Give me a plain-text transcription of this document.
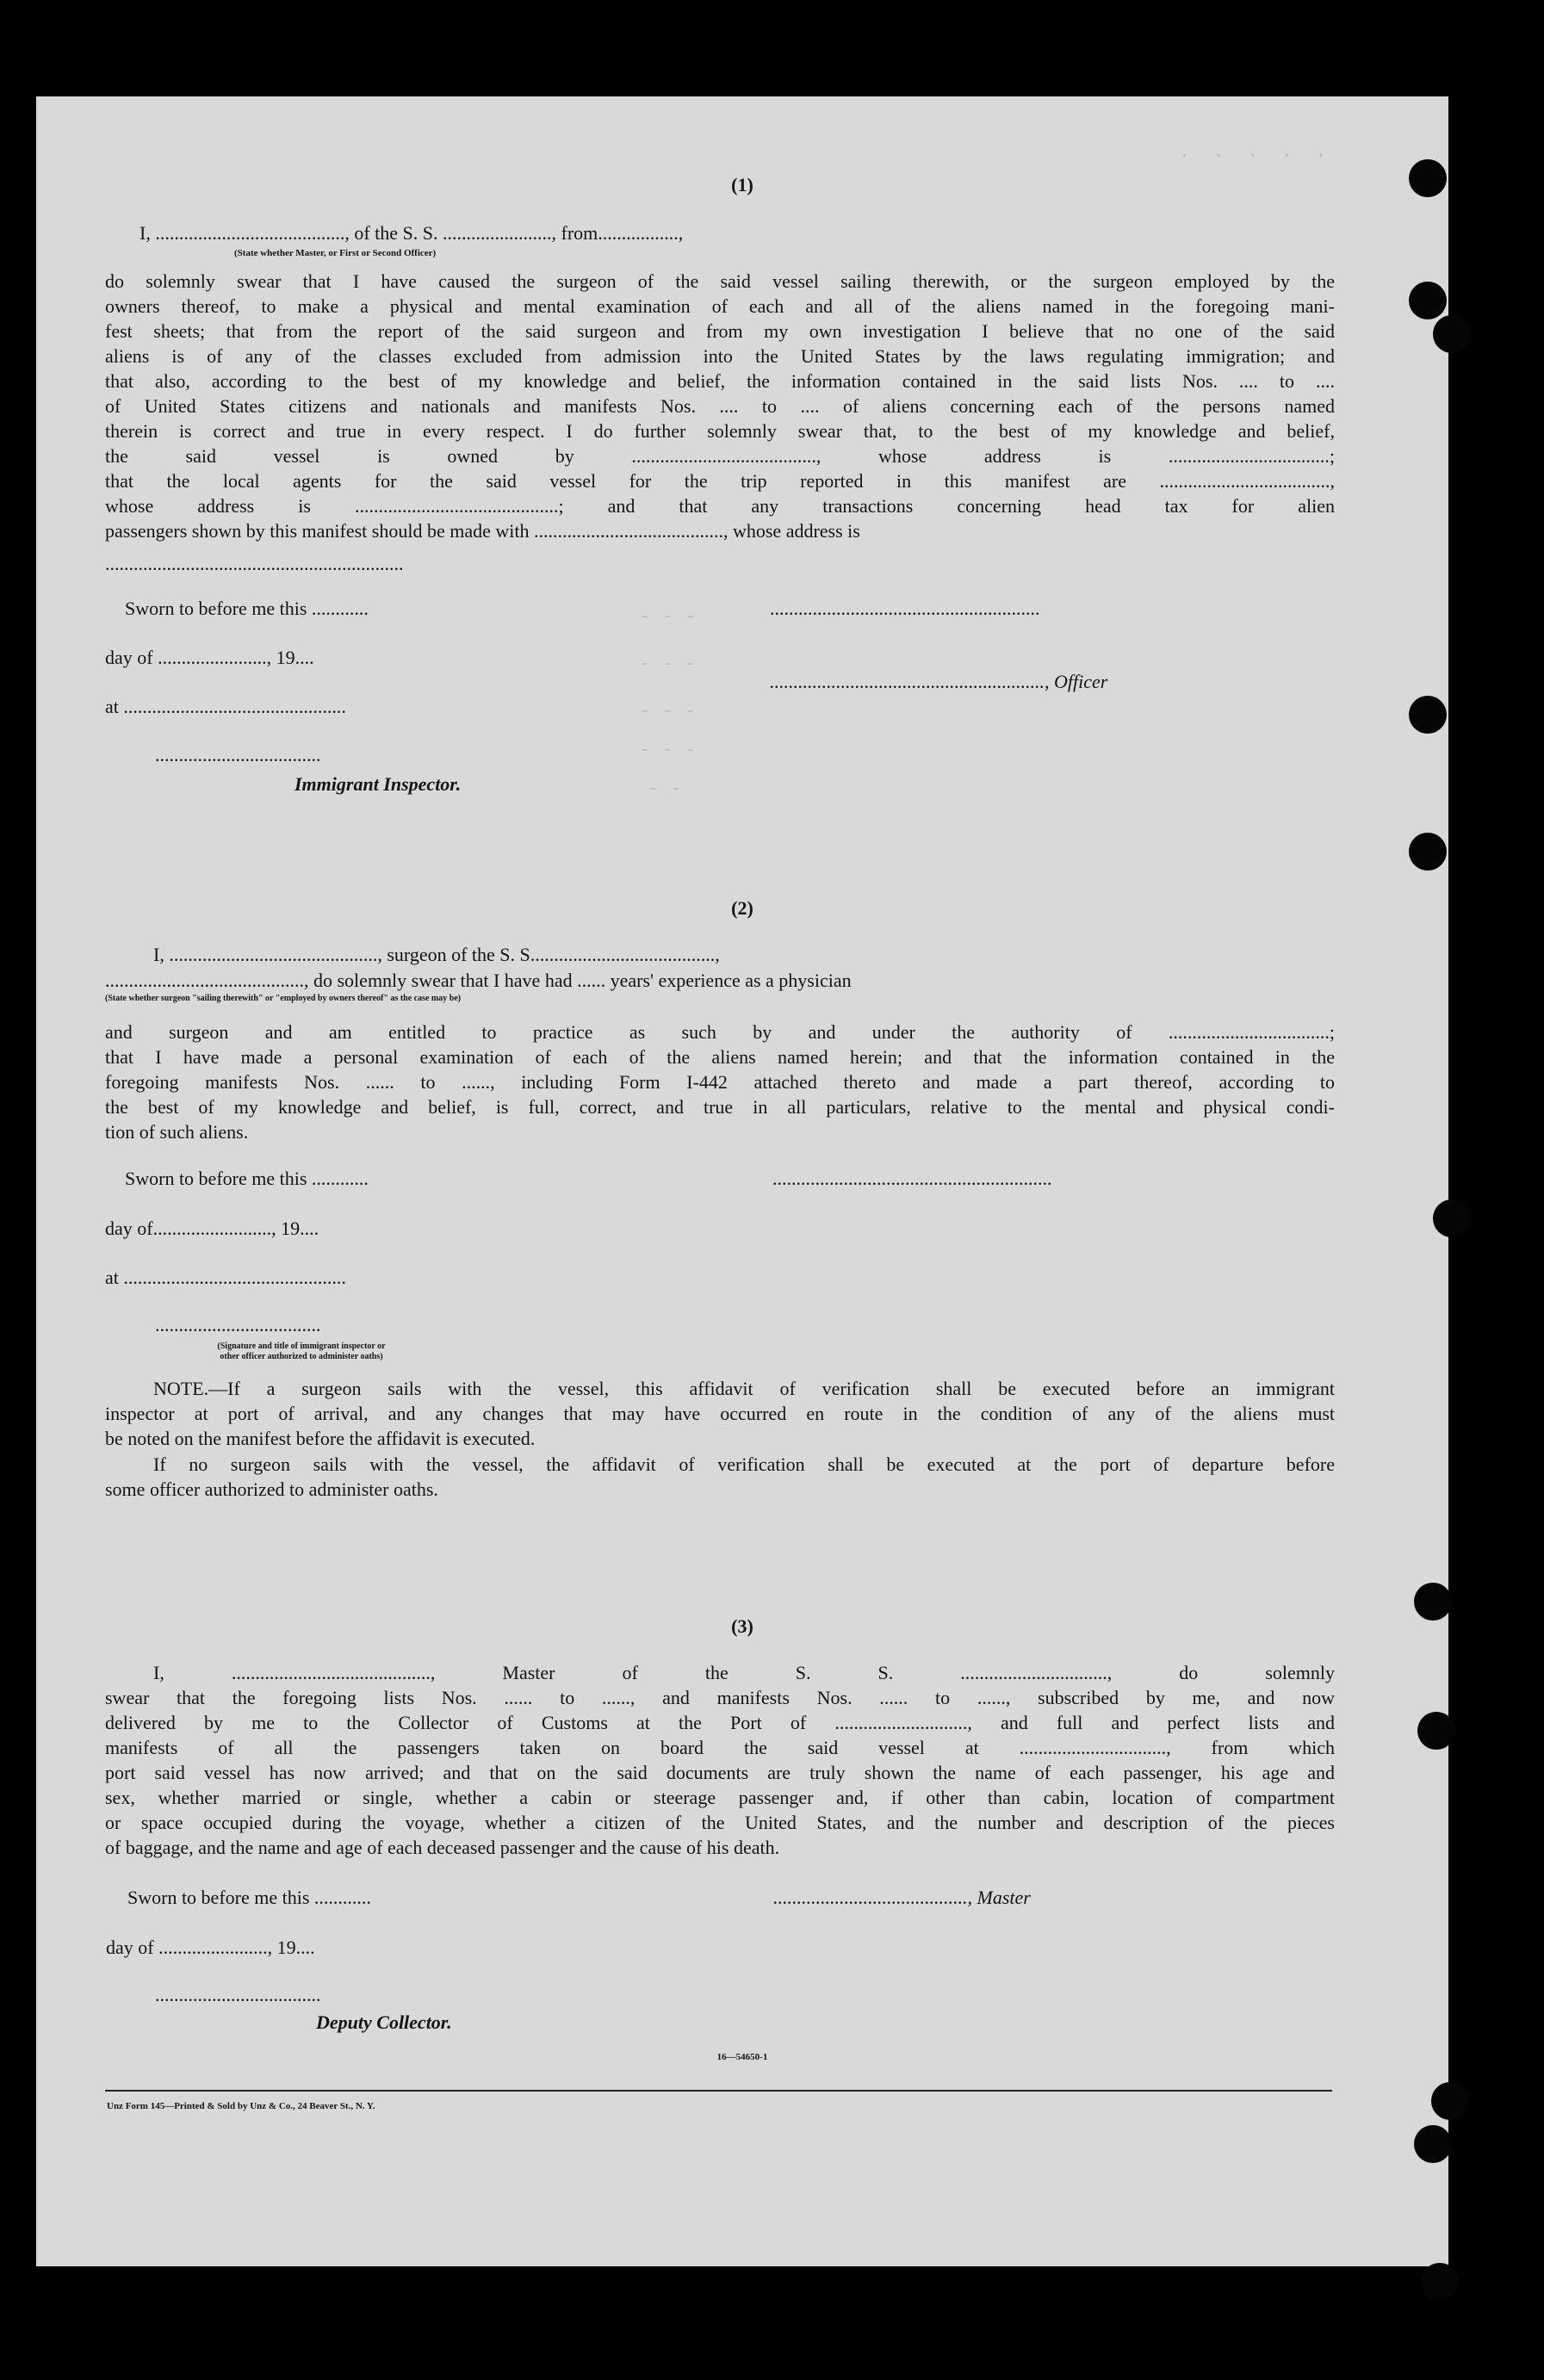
.  .  .  .  .
(1)
I, ........................................, of the S. S. ......................., from.................,
(State whether Master, or First or Second Officer)
do solemnly swear that I have caused the surgeon of the said vessel sailing therewith, or the surgeon employed by the
owners thereof, to make a physical and mental examination of each and all of the aliens named in the foregoing mani-
fest sheets; that from the report of the said surgeon and from my own investigation I believe that no one of the said
aliens is of any of the classes excluded from admission into the United States by the laws regulating immigration; and
that also, according to the best of my knowledge and belief, the information contained in the said lists Nos. .... to ....
of United States citizens and nationals and manifests Nos. .... to .... of aliens concerning each of the persons named
therein is correct and true in every respect. I do further solemnly swear that, to the best of my knowledge and belief,
the said vessel is owned by ......................................., whose address is ..................................;
that the local agents for the said vessel for the trip reported in this manifest are ....................................,
whose address is ...........................................; and that any transactions concerning head tax for alien
passengers shown by this manifest should be made with ........................................, whose address is
...............................................................
Sworn to before me this ............
day of ......................., 19....
at ...............................................
...................................
Immigrant Inspector.
.........................................................
.........................................................., Officer
- - -
- - -
- - -
- - -
- -
(2)
I, ............................................, surgeon of the S. S.......................................,
.........................................., do solemnly swear that I have had ...... years' experience as a physician
(State whether surgeon "sailing therewith" or "employed by owners thereof" as the case may be)
and surgeon and am entitled to practice as such by and under the authority of ..................................;
that I have made a personal examination of each of the aliens named herein; and that the information contained in the
foregoing manifests Nos. ...... to ......, including Form I-442 attached thereto and made a part thereof, according to
the best of my knowledge and belief, is full, correct, and true in all particulars, relative to the mental and physical condi-
tion of such aliens.
Sworn to before me this ............	...........................................................
day of........................., 19....
at ...............................................
...................................
(Signature and title of immigrant inspector or
other officer authorized to administer oaths)
NOTE.—If a surgeon sails with the vessel, this affidavit of verification shall be executed before an immigrant
inspector at port of arrival, and any changes that may have occurred en route in the condition of any of the aliens must
be noted on the manifest before the affidavit is executed.
If no surgeon sails with the vessel, the affidavit of verification shall be executed at the port of departure before
some officer authorized to administer oaths.
(3)
I, .........................................., Master of the S. S. ..............................., do solemnly
swear that the foregoing lists Nos. ...... to ......, and manifests Nos. ...... to ......, subscribed by me, and now
delivered by me to the Collector of Customs at the Port of ............................, and full and perfect lists and
manifests of all the passengers taken on board the said vessel at ..............................., from which
port said vessel has now arrived; and that on the said documents are truly shown the name of each passenger, his age and
sex, whether married or single, whether a cabin or steerage passenger and, if other than cabin, location of compartment
or space occupied during the voyage, whether a citizen of the United States, and the number and description of the pieces
of baggage, and the name and age of each deceased passenger and the cause of his death.
Sworn to before me this ............	........................................., Master
day of ......................., 19....
...................................
Deputy Collector.
16—54650-1
Unz Form 145—Printed & Sold by Unz & Co., 24 Beaver St., N. Y.
